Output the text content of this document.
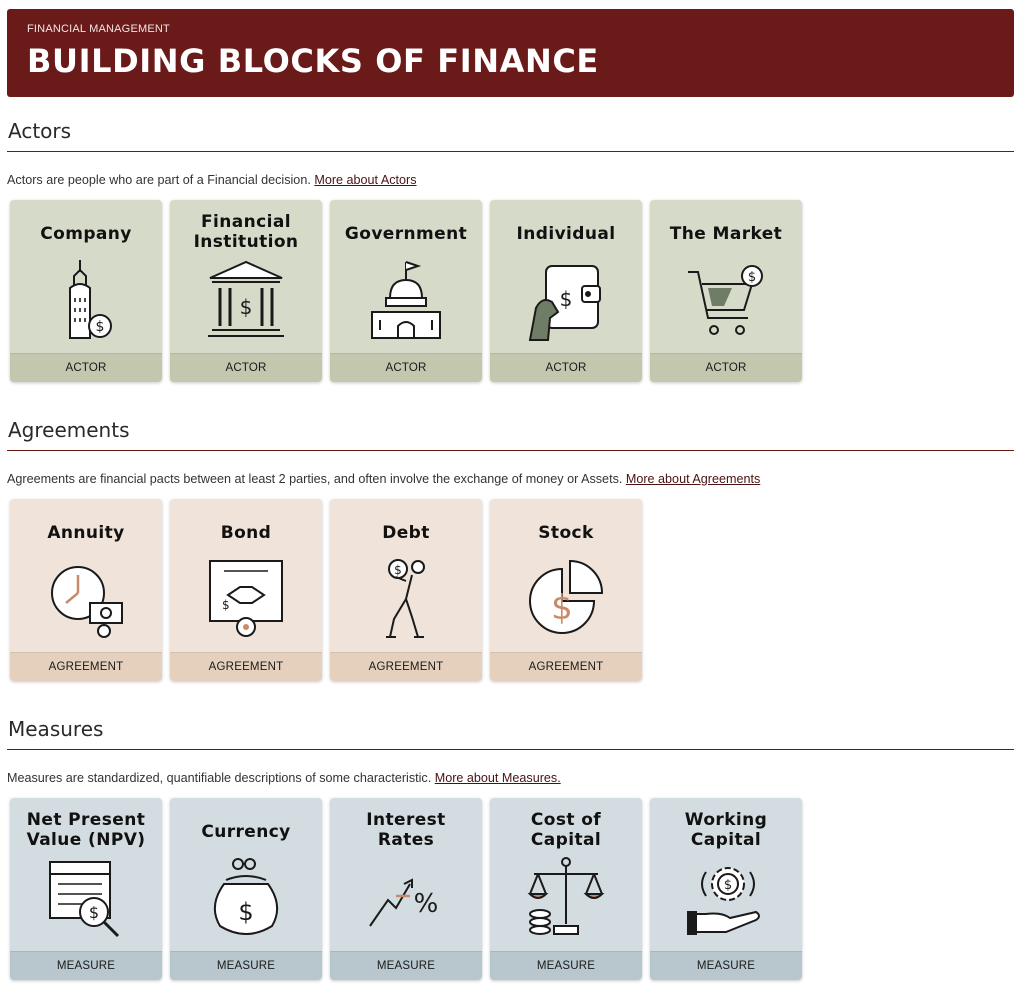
FINANCIAL MANAGEMENT
BUILDING BLOCKS OF FINANCE
Actors
Actors are people who are part of a Financial decision. More about Actors
Company
$
ACTOR
Financial Institution
$
ACTOR
Government
ACTOR
Individual
$
ACTOR
The Market
$
ACTOR
Agreements
Agreements are financial pacts between at least 2 parties, and often involve the exchange of money or Assets. More about Agreements
Annuity
AGREEMENT
Bond
$
AGREEMENT
Debt
$
AGREEMENT
Stock
$
AGREEMENT
Measures
Measures are standardized, quantifiable descriptions of some characteristic. More about Measures.
Net Present Value (NPV)
$
MEASURE
Currency
$
MEASURE
Interest Rates
%
MEASURE
Cost of Capital
MEASURE
Working Capital
$
MEASURE
